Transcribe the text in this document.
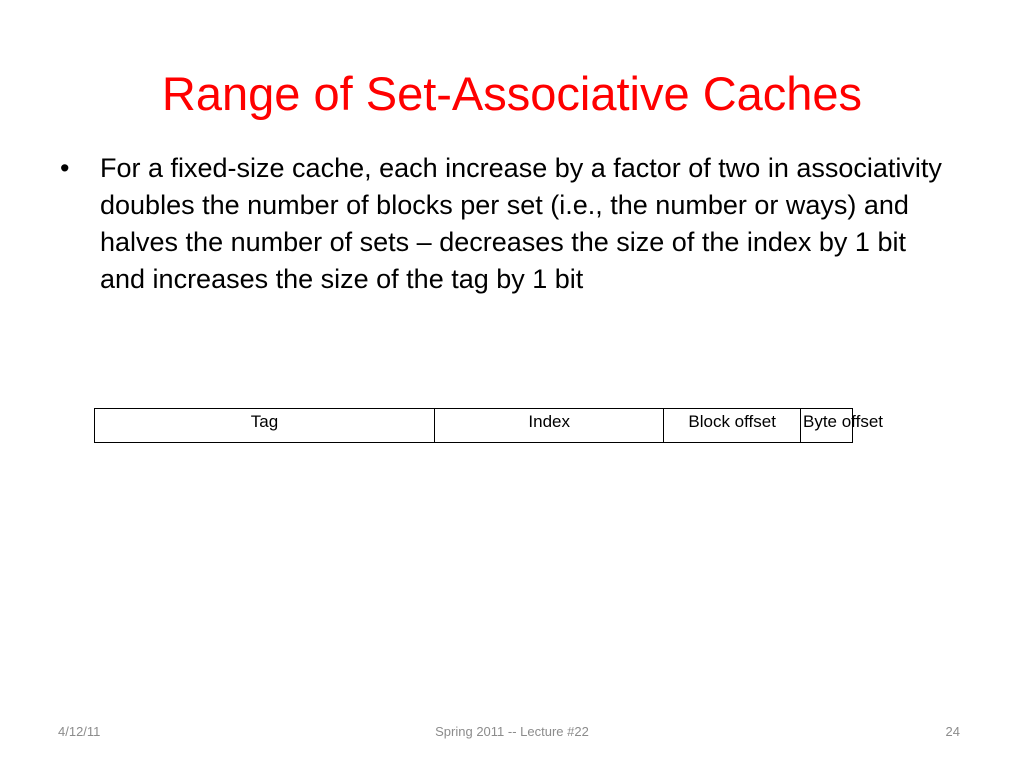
Range of Set-Associative Caches
• For a fixed-size cache, each increase by a factor of two in associativity doubles the number of blocks per set (i.e., the number or ways) and halves the number of sets – decreases the size of the index by 1 bit and increases the size of the tag by 1 bit
Tag	Index	Block offset	Byte offset
4/12/11	Spring 2011 -- Lecture #22	24
